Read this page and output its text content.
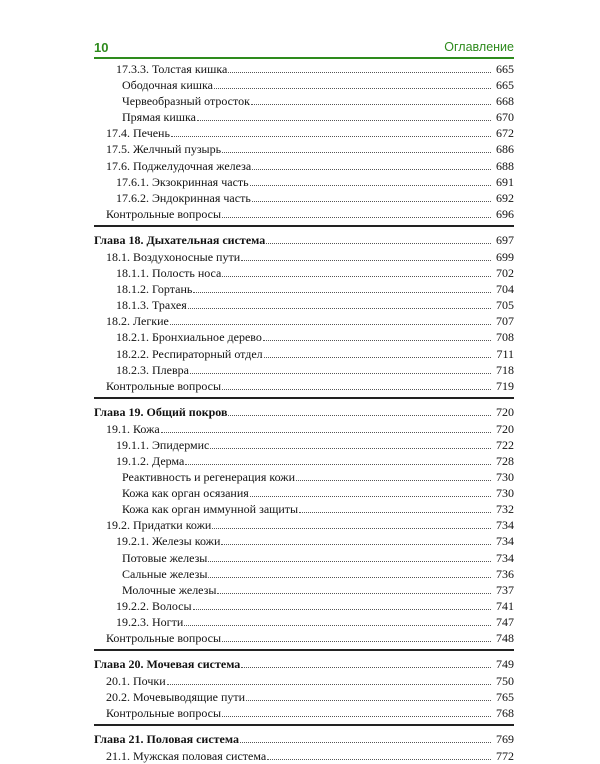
10	Оглавление
17.3.3. Толстая кишка	665
Ободочная кишка	665
Червеобразный отросток	668
Прямая кишка	670
17.4. Печень	672
17.5. Желчный пузырь	686
17.6. Поджелудочная железа	688
17.6.1. Экзокринная часть	691
17.6.2. Эндокринная часть	692
Контрольные вопросы	696
Глава 18. Дыхательная система	697
18.1. Воздухоносные пути	699
18.1.1. Полость носа	702
18.1.2. Гортань	704
18.1.3. Трахея	705
18.2. Легкие	707
18.2.1. Бронхиальное дерево	708
18.2.2. Респираторный отдел	711
18.2.3. Плевра	718
Контрольные вопросы	719
Глава 19. Общий покров	720
19.1. Кожа	720
19.1.1. Эпидермис	722
19.1.2. Дерма	728
Реактивность и регенерация кожи	730
Кожа как орган осязания	730
Кожа как орган иммунной защиты	732
19.2. Придатки кожи	734
19.2.1. Железы кожи	734
Потовые железы	734
Сальные железы	736
Молочные железы	737
19.2.2. Волосы	741
19.2.3. Ногти	747
Контрольные вопросы	748
Глава 20. Мочевая система	749
20.1. Почки	750
20.2. Мочевыводящие пути	765
Контрольные вопросы	768
Глава 21. Половая система	769
21.1. Мужская половая система	772
